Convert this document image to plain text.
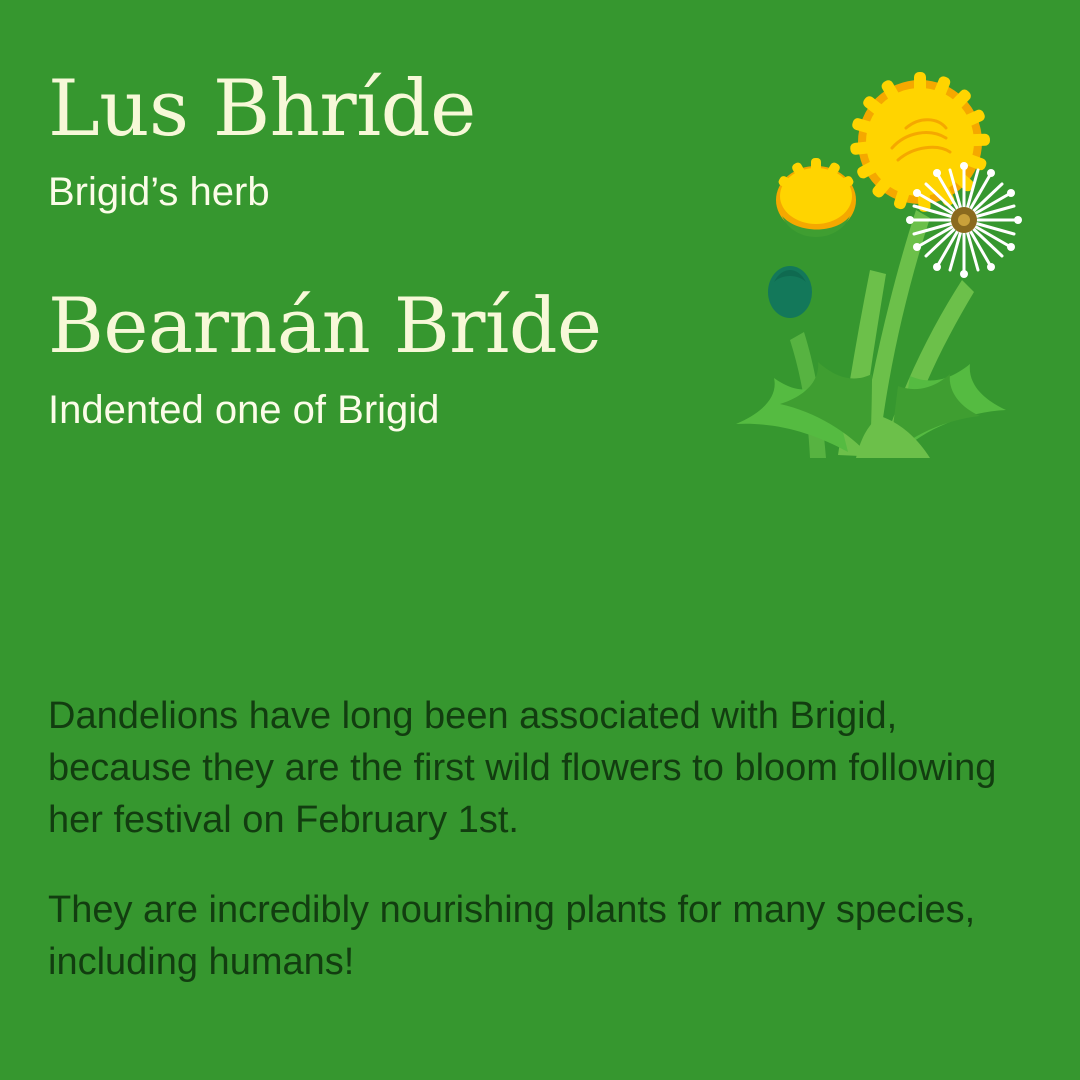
Lus Bhríde

Brigid’s herb

Bearnán Bríde

Indented one of Brigid

Dandelions have long been associated with Brigid, because they are the first wild flowers to bloom following her festival on February 1st.

They are incredibly nourishing plants for many species, including humans!
